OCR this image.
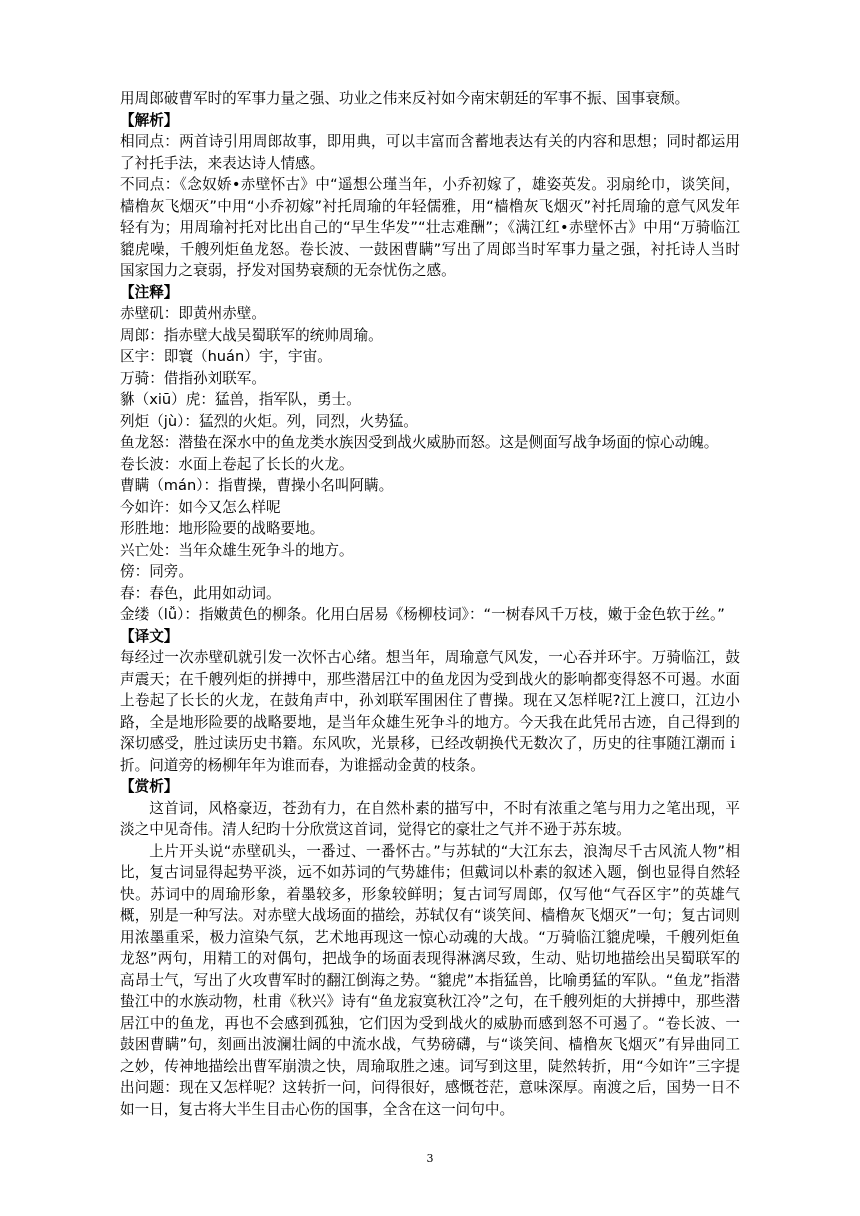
用周郎破曹军时的军事力量之强、功业之伟来反衬如今南宋朝廷的军事不振、国事衰颓。

【解析】

相同点：两首诗引用周郎故事，即用典，可以丰富而含蓄地表达有关的内容和思想；同时都运用了衬托手法，来表达诗人情感。

不同点：《念奴娇•赤壁怀古》中“遥想公瑾当年，小乔初嫁了，雄姿英发。羽扇纶巾，谈笑间，樯橹灰飞烟灭”中用“小乔初嫁”衬托周瑜的年轻儒雅，用“樯橹灰飞烟灭”衬托周瑜的意气风发年轻有为；用周瑜衬托对比出自己的“早生华发”“壮志难酬”；《满江红•赤壁怀古》中用“万骑临江貔虎噪，千艘列炬鱼龙怒。卷长波、一鼓困曹瞒”写出了周郎当时军事力量之强，衬托诗人当时国家国力之衰弱，抒发对国势衰颓的无奈忧伤之感。

【注释】

赤壁矶：即黄州赤壁。

周郎：指赤壁大战吴蜀联军的统帅周瑜。

区宇：即寰（huán）宇，宇宙。

万骑：借指孙刘联军。

貅（xiū）虎：猛兽，指军队，勇士。

列炬（jù）：猛烈的火炬。列，同烈，火势猛。

鱼龙怒：潜蛰在深水中的鱼龙类水族因受到战火威胁而怒。这是侧面写战争场面的惊心动魄。

卷长波：水面上卷起了长长的火龙。

曹瞒（mán）：指曹操，曹操小名叫阿瞒。

今如许：如今又怎么样呢

形胜地：地形险要的战略要地。

兴亡处：当年众雄生死争斗的地方。

傍：同旁。

春：春色，此用如动词。

金缕（lǚ）：指嫩黄色的柳条。化用白居易《杨柳枝词》：“一树春风千万枝，嫩于金色软于丝。”

【译文】

每经过一次赤壁矶就引发一次怀古心绪。想当年，周瑜意气风发，一心吞并环宇。万骑临江，鼓声震天；在千艘列炬的拼搏中，那些潜居江中的鱼龙因为受到战火的影响都变得怒不可遏。水面上卷起了长长的火龙，在鼓角声中，孙刘联军围困住了曹操。现在又怎样呢?江上渡口，江边小路，全是地形险要的战略要地，是当年众雄生死争斗的地方。今天我在此凭吊古迹，自己得到的深切感受，胜过读历史书籍。东风吹，光景移，已经改朝换代无数次了，历史的往事随江潮而ｉ折。问道旁的杨柳年年为谁而春，为谁摇动金黄的枝条。

【赏析】

这首词，风格豪迈，苍劲有力，在自然朴素的描写中，不时有浓重之笔与用力之笔出现，平淡之中见奇伟。清人纪昀十分欣赏这首词，觉得它的豪壮之气并不逊于苏东坡。

上片开头说“赤壁矶头，一番过、一番怀古。”与苏轼的“大江东去，浪淘尽千古风流人物”相比，复古词显得起势平淡，远不如苏词的气势雄伟；但戴词以朴素的叙述入题，倒也显得自然轻快。苏词中的周瑜形象，着墨较多，形象较鲜明；复古词写周郎，仅写他“气吞区宇”的英雄气概，别是一种写法。对赤壁大战场面的描绘，苏轼仅有“谈笑间、樯橹灰飞烟灭”一句；复古词则用浓墨重采，极力渲染气氛，艺术地再现这一惊心动魂的大战。“万骑临江貔虎噪，千艘列炬鱼龙怒”两句，用精工的对偶句，把战争的场面表现得淋漓尽致，生动、贴切地描绘出吴蜀联军的高昂士气，写出了火攻曹军时的翻江倒海之势。“貔虎”本指猛兽，比喻勇猛的军队。“鱼龙”指潜蛰江中的水族动物，杜甫《秋兴》诗有“鱼龙寂寞秋江冷”之句，在千艘列炬的大拼搏中，那些潜居江中的鱼龙，再也不会感到孤独，它们因为受到战火的威胁而感到怒不可遏了。“卷长波、一鼓困曹瞒”句，刻画出波澜壮阔的中流水战，气势磅礴，与“谈笑间、樯橹灰飞烟灭”有异曲同工之妙，传神地描绘出曹军崩溃之快，周瑜取胜之速。词写到这里，陡然转折，用“今如许”三字提出问题：现在又怎样呢？这转折一问，问得很好，感慨苍茫，意味深厚。南渡之后，国势一日不如一日，复古将大半生目击心伤的国事，全含在这一问句中。

3
